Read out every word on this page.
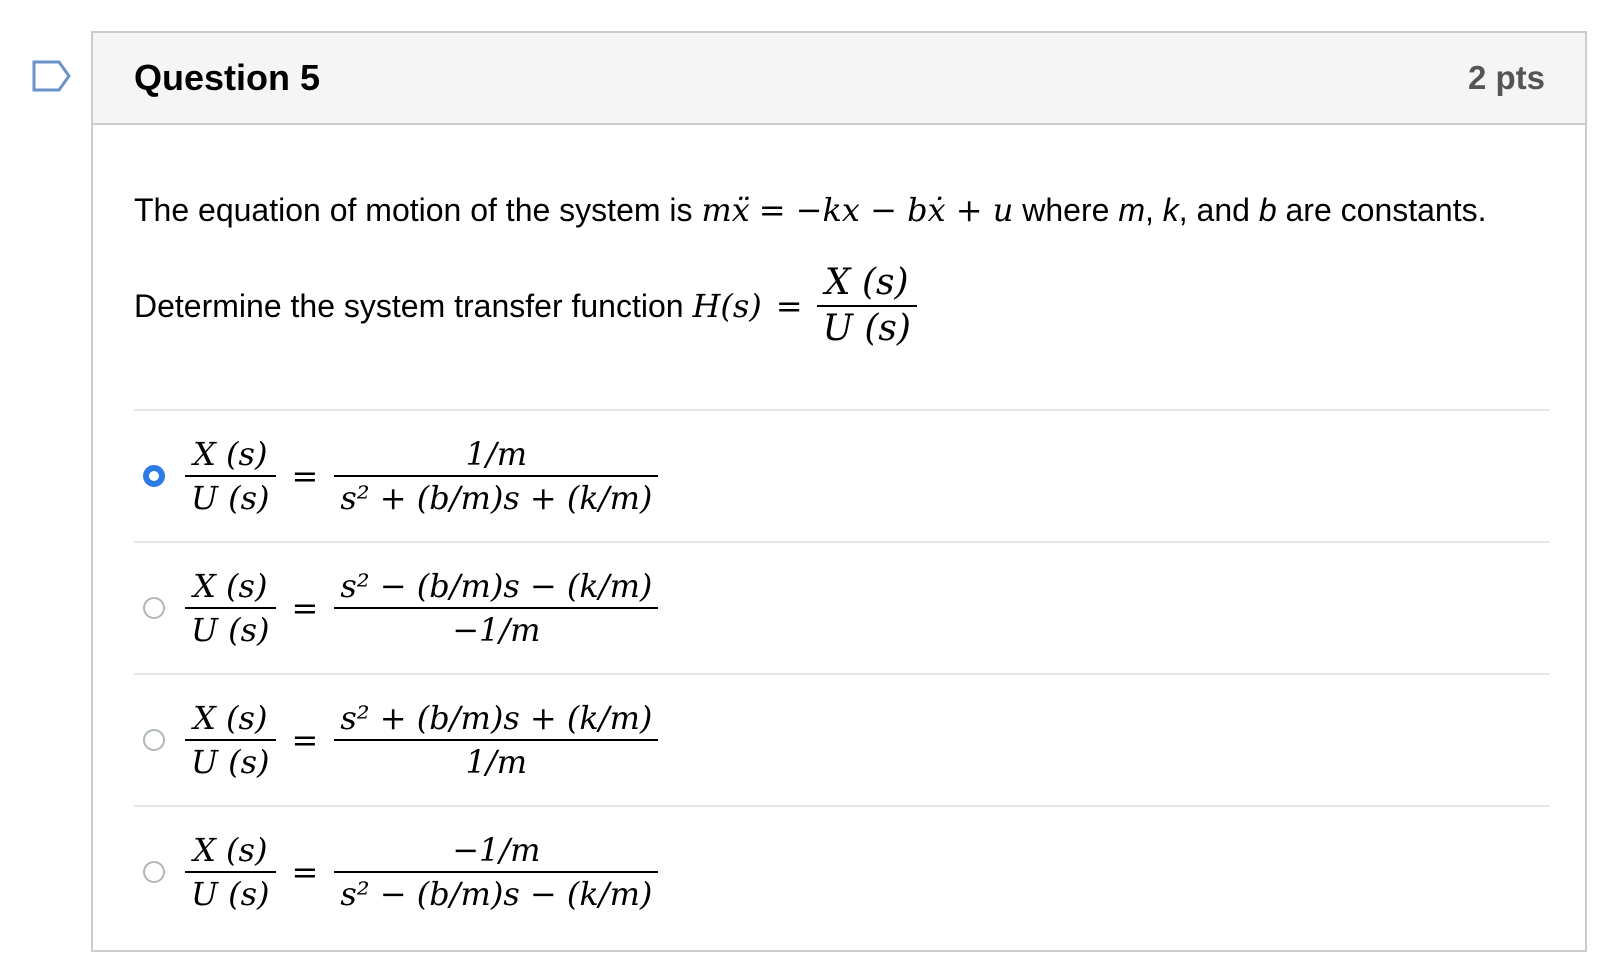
Question 5	2 pts
The equation of motion of the system is mẍ = −kx − bẋ + u where m, k, and b are constants.
Determine the system transfer function
$H(s) = \frac{X (s)}{U (s)}$
$\frac{X (s)}{U (s)} = \frac{1/m}{\text{s² + (b/m)s + (k/m)}}$
$\frac{X (s)}{U (s)} = \frac{\text{s² − (b/m)s − (k/m)}}{-1/m}$
$\frac{X (s)}{U (s)} = \frac{\text{s² + (b/m)s + (k/m)}}{1/m}$
$\frac{X (s)}{U (s)} = \frac{-1/m}{\text{s² − (b/m)s − (k/m)}}$
